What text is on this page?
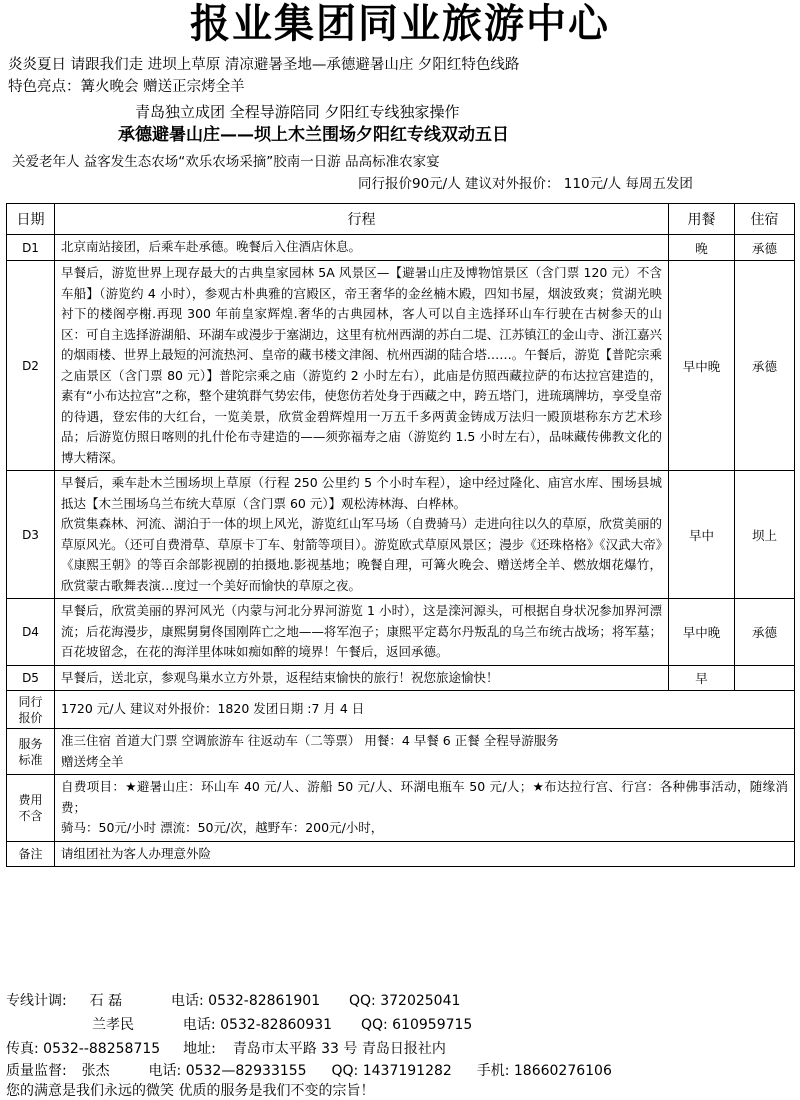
报业集团同业旅游中心
炎炎夏日 请跟我们走 进坝上草原 清凉避暑圣地—承德避暑山庄 夕阳红特色线路
特色亮点：篝火晚会 赠送正宗烤全羊
青岛独立成团 全程导游陪同 夕阳红专线独家操作
承德避暑山庄——坝上木兰围场夕阳红专线双动五日
关爱老年人 益客发生态农场“欢乐农场采摘”胶南一日游 品高标准农家宴
同行报价90元/人 建议对外报价： 110元/人 每周五发团
日期	行程	用餐	住宿
D1	北京南站接团，后乘车赴承德。晚餐后入住酒店休息。	晚	承德
D2	早餐后，游览世界上现存最大的古典皇家园林 5A 风景区—【避暑山庄及博物馆景区（含门票 120 元）不含车船】（游览约 4 小时），参观古朴典雅的宫殿区，帝王奢华的金丝楠木殿，四知书屋，烟波致爽；赏湖光映衬下的楼阁亭榭.再现 300 年前皇家辉煌.奢华的古典园林，客人可以自主选择环山车行驶在古树参天的山区：可自主选择游湖船、环湖车或漫步于塞湖边，这里有杭州西湖的苏白二堤、江苏镇江的金山寺、浙江嘉兴的烟雨楼、世界上最短的河流热河、皇帝的藏书楼文津阁、杭州西湖的陆合塔……。午餐后，游览【普陀宗乘之庙景区（含门票 80 元）】普陀宗乘之庙（游览约 2 小时左右），此庙是仿照西藏拉萨的布达拉宫建造的，素有“小布达拉宫”之称，整个建筑群气势宏伟，使您仿若处身于西藏之中，跨五塔门，进琉璃牌坊，享受皇帝的待遇，登宏伟的大红台，一览美景，欣赏金碧辉煌用一万五千多两黄金铸成万法归一殿顶堪称东方艺术珍品；后游览仿照日喀则的扎什伦布寺建造的——须弥福寿之庙（游览约 1.5 小时左右），品味藏传佛教文化的博大精深。	早中晚	承德
D3	早餐后，乘车赴木兰围场坝上草原（行程 250 公里约 5 个小时车程），途中经过隆化、庙宫水库、围场县城抵达【木兰围场乌兰布统大草原（含门票 60 元）】观松涛林海、白桦林。
欣赏集森林、河流、湖泊于一体的坝上风光，游览红山军马场（自费骑马）走进向往以久的草原，欣赏美丽的草原风光。（还可自费滑草、草原卡丁车、射箭等项目）。游览欧式草原风景区；漫步《还珠格格》《汉武大帝》《康熙王朝》的等百余部影视剧的拍摄地.影视基地；晚餐自理，可篝火晚会、赠送烤全羊、燃放烟花爆竹，欣赏蒙古歌舞表演…度过一个美好而愉快的草原之夜。	早中	坝上
D4	早餐后，欣赏美丽的界河风光（内蒙与河北分界河游览 1 小时），这是滦河源头，可根据自身状况参加界河漂流；后花海漫步，康熙舅舅佟国刚阵亡之地——将军泡子；康熙平定葛尔丹叛乱的乌兰布统古战场；将军墓；百花坡留念，在花的海洋里体味如痴如醉的境界！午餐后，返回承德。	早中晚	承德
D5	早餐后，送北京，参观鸟巢水立方外景，返程结束愉快的旅行！祝您旅途愉快！	早	
同行
报价	1720 元/人 建议对外报价：1820 发团日期 :7 月 4 日		
服务
标准	准三住宿 首道大门票 空调旅游车 往返动车（二等票） 用餐：4 早餐 6 正餐 全程导游服务
赠送烤全羊		
费用
不含	自费项目：★避暑山庄：环山车 40 元/人、游船 50 元/人、环湖电瓶车 50 元/人；★布达拉行宫、行宫：各种佛事活动，随缘消费；
骑马：50元/小时 漂流：50元/次，越野车：200元/小时，		
备注	请组团社为客人办理意外险		
专线计调: 石 磊	电话: 0532-82861901 QQ: 372025041
兰孝民	电话: 0532-82860931 QQ: 610959715
传真: 0532--88258715 地址: 青岛市太平路 33 号 青岛日报社内
质量监督: 张杰	电话: 0532—82933155 QQ: 1437191282 手机: 18660276106
您的满意是我们永远的微笑 优质的服务是我们不变的宗旨！
